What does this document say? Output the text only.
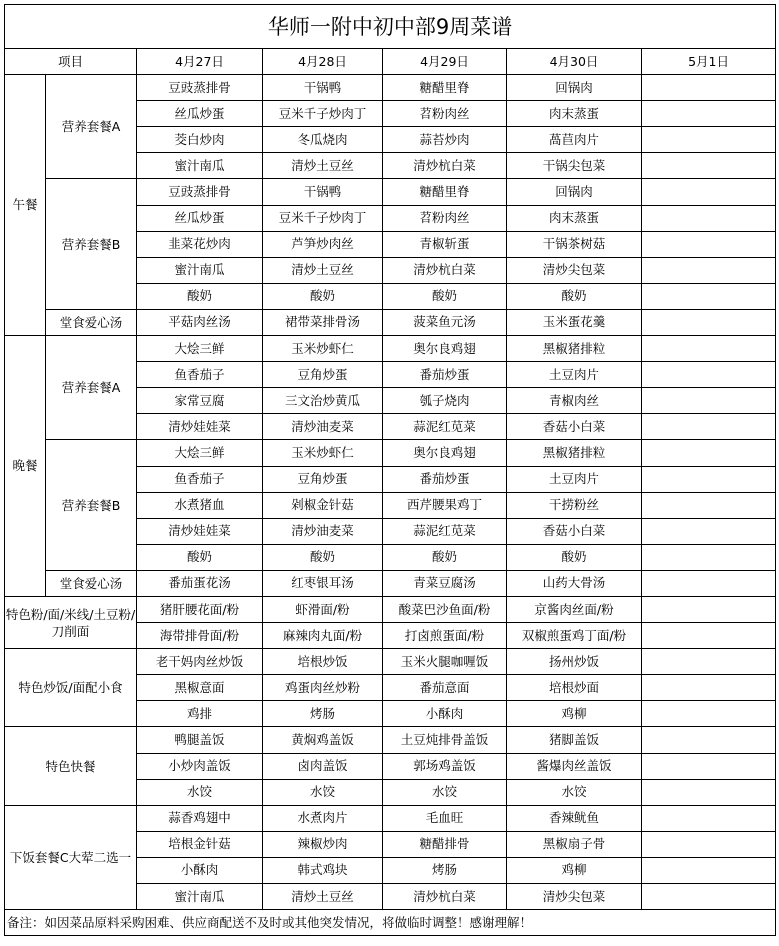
华师一附中初中部9周菜谱						
项目		4月27日	4月28日	4月29日	4月30日	5月1日
午餐	营养套餐A	豆豉蒸排骨	干锅鸭	糖醋里脊	回锅肉	
		丝瓜炒蛋	豆米千子炒肉丁	苕粉肉丝	肉末蒸蛋	
		茭白炒肉	冬瓜烧肉	蒜苔炒肉	萵苣肉片	
		蜜汁南瓜	清炒土豆丝	清炒杭白菜	干锅尖包菜	
	营养套餐B	豆豉蒸排骨	干锅鸭	糖醋里脊	回锅肉	
		丝瓜炒蛋	豆米千子炒肉丁	苕粉肉丝	肉末蒸蛋	
		韭菜花炒肉	芦笋炒肉丝	青椒斩蛋	干锅茶树菇	
		蜜汁南瓜	清炒土豆丝	清炒杭白菜	清炒尖包菜	
		酸奶	酸奶	酸奶	酸奶	
	堂食爱心汤	平菇肉丝汤	裙带菜排骨汤	菠菜鱼元汤	玉米蛋花羹	
晚餐	营养套餐A	大烩三鲜	玉米炒虾仁	奥尔良鸡翅	黑椒猪排粒	
		鱼香茄子	豆角炒蛋	番茄炒蛋	土豆肉片	
		家常豆腐	三文治炒黄瓜	瓠子烧肉	青椒肉丝	
		清炒娃娃菜	清炒油麦菜	蒜泥红苋菜	香菇小白菜	
	营养套餐B	大烩三鲜	玉米炒虾仁	奥尔良鸡翅	黑椒猪排粒	
		鱼香茄子	豆角炒蛋	番茄炒蛋	土豆肉片	
		水煮猪血	剁椒金针菇	西芹腰果鸡丁	干捞粉丝	
		清炒娃娃菜	清炒油麦菜	蒜泥红苋菜	香菇小白菜	
		酸奶	酸奶	酸奶	酸奶	
	堂食爱心汤	番茄蛋花汤	红枣银耳汤	青菜豆腐汤	山药大骨汤	
特色粉/面/米线/土豆粉/刀削面		猪肝腰花面/粉	虾滑面/粉	酸菜巴沙鱼面/粉	京酱肉丝面/粉	
		海带排骨面/粉	麻辣肉丸面/粉	打卤煎蛋面/粉	双椒煎蛋鸡丁面/粉	
特色炒饭/面配小食		老干妈肉丝炒饭	培根炒饭	玉米火腿咖喱饭	扬州炒饭	
		黑椒意面	鸡蛋肉丝炒粉	番茄意面	培根炒面	
		鸡排	烤肠	小酥肉	鸡柳	
特色快餐		鸭腿盖饭	黄焖鸡盖饭	土豆炖排骨盖饭	猪脚盖饭	
		小炒肉盖饭	卤肉盖饭	郭场鸡盖饭	酱爆肉丝盖饭	
		水饺	水饺	水饺	水饺	
下饭套餐C大荤二选一		蒜香鸡翅中	水煮肉片	毛血旺	香辣鱿鱼	
		培根金针菇	辣椒炒肉	糖醋排骨	黑椒扇子骨	
		小酥肉	韩式鸡块	烤肠	鸡柳	
		蜜汁南瓜	清炒土豆丝	清炒杭白菜	清炒尖包菜	
备注：如因菜品原料采购困难、供应商配送不及时或其他突发情况，将做临时调整！感谢理解！						
